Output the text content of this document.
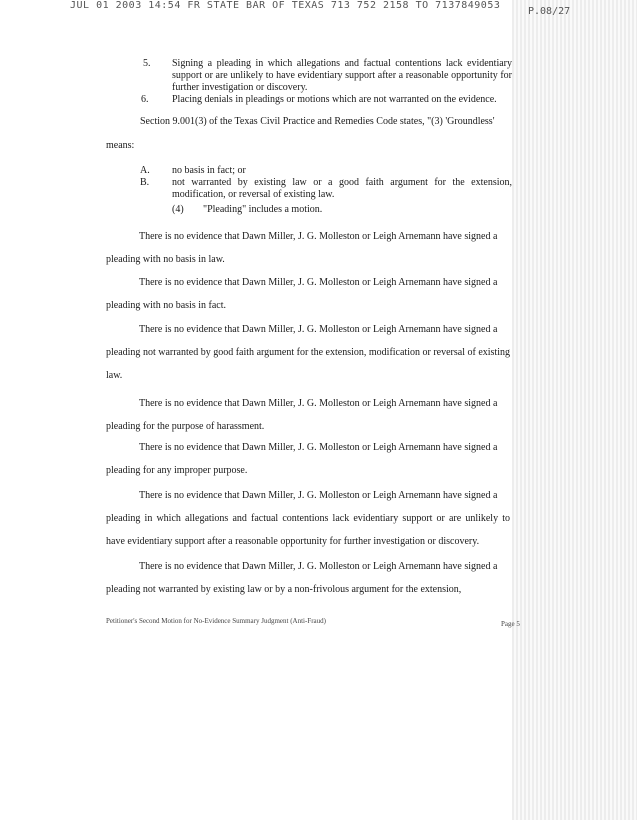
JUL 01 2003 14:54 FR STATE BAR OF TEXAS 713 752 2158 TO 7137849053
P.08/27
5. Signing a pleading in which allegations and factual contentions lack evidentiary support or are unlikely to have evidentiary support after a reasonable opportunity for further investigation or discovery.
6. Placing denials in pleadings or motions which are not warranted on the evidence.
Section 9.001(3) of the Texas Civil Practice and Remedies Code states, "(3) 'Groundless'
means:
A. no basis in fact; or
B. not warranted by existing law or a good faith argument for the extension, modification, or reversal of existing law.
(4) "Pleading" includes a motion.
There is no evidence that Dawn Miller, J. G. Molleston or Leigh Arnemann have signed a
pleading with no basis in law.
There is no evidence that Dawn Miller, J. G. Molleston or Leigh Arnemann have signed a
pleading with no basis in fact.
There is no evidence that Dawn Miller, J. G. Molleston or Leigh Arnemann have signed a
pleading not warranted by good faith argument for the extension, modification or reversal of existing law.
There is no evidence that Dawn Miller, J. G. Molleston or Leigh Arnemann have signed a
pleading for the purpose of harassment.
There is no evidence that Dawn Miller, J. G. Molleston or Leigh Arnemann have signed a
pleading for any improper purpose.
There is no evidence that Dawn Miller, J. G. Molleston or Leigh Arnemann have signed a
pleading in which allegations and factual contentions lack evidentiary support or are unlikely to have evidentiary support after a reasonable opportunity for further investigation or discovery.
There is no evidence that Dawn Miller, J. G. Molleston or Leigh Arnemann have signed a
pleading not warranted by existing law or by a non-frivolous argument for the extension,
Petitioner's Second Motion for No-Evidence Summary Judgment (Anti-Fraud)	Page 5
